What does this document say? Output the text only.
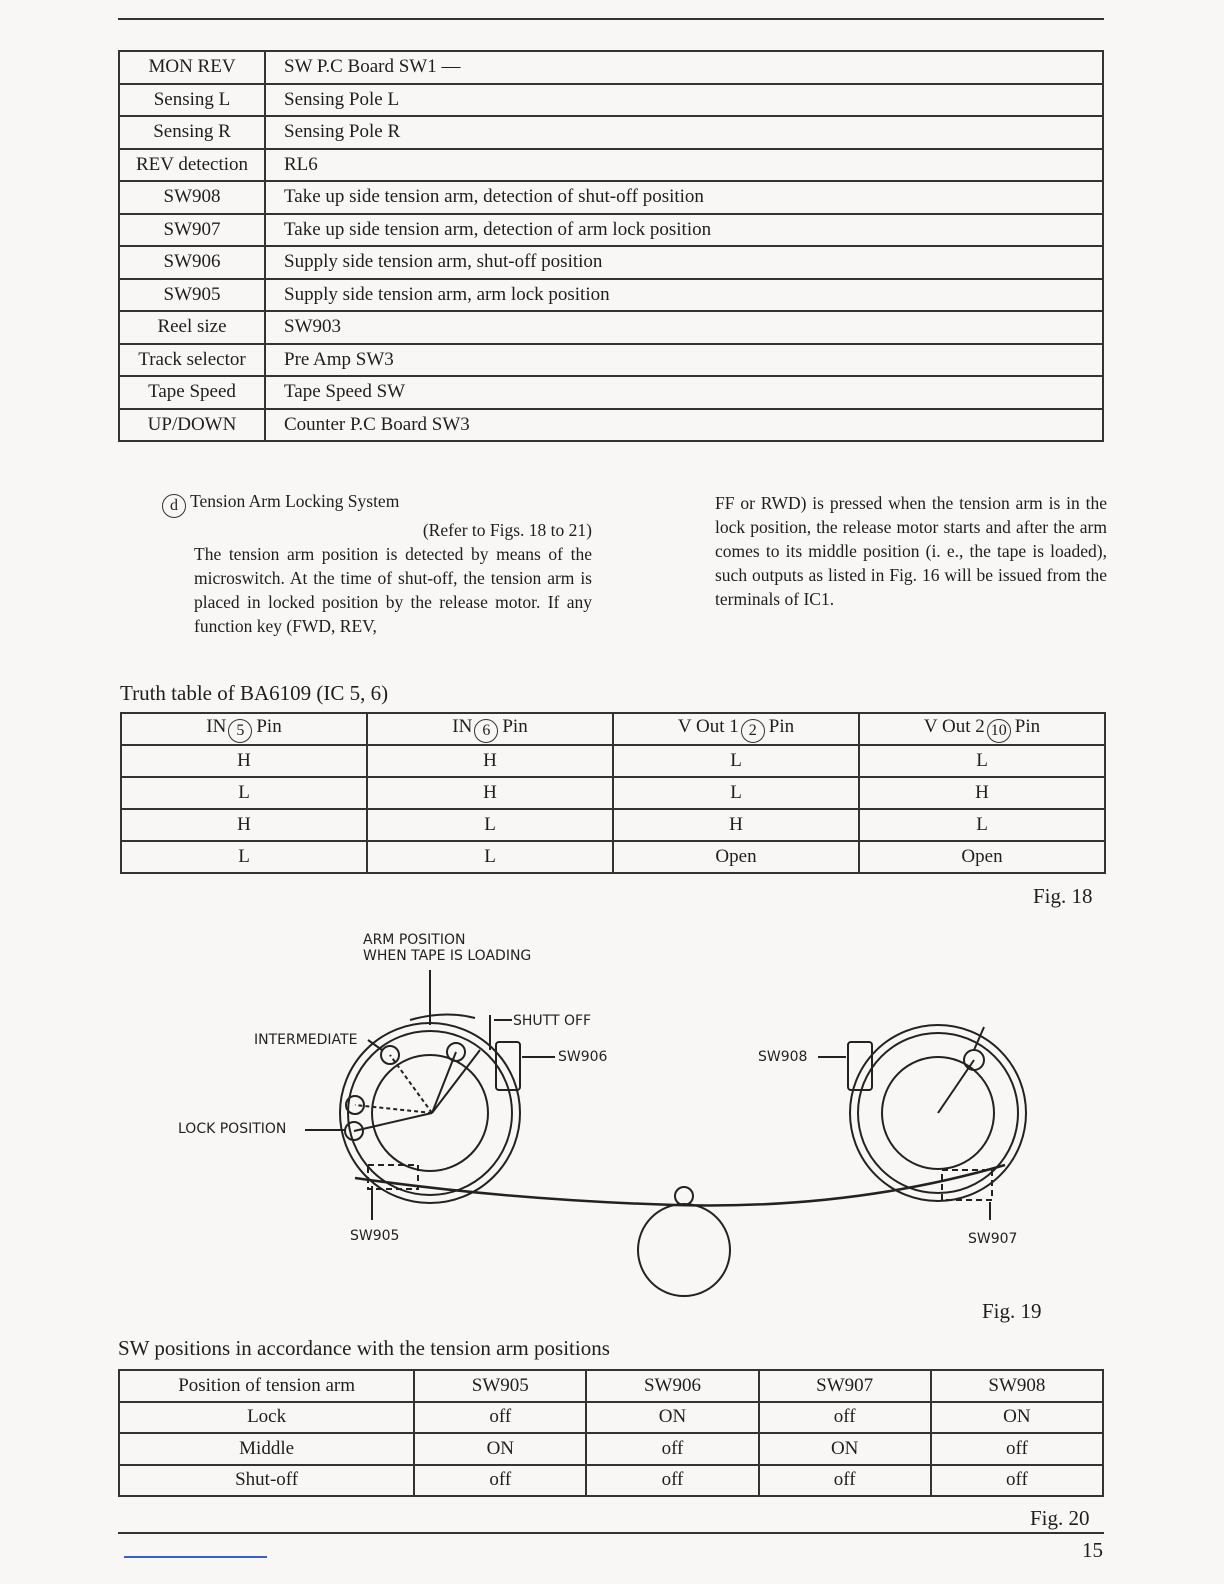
MON REV	SW P.C Board SW1 —
Sensing L	Sensing Pole L
Sensing R	Sensing Pole R
REV detection	RL6
SW908	Take up side tension arm, detection of shut-off position
SW907	Take up side tension arm, detection of arm lock position
SW906	Supply side tension arm, shut-off position
SW905	Supply side tension arm, arm lock position
Reel size	SW903
Track selector	Pre Amp SW3
Tape Speed	Tape Speed SW
UP/DOWN	Counter P.C Board SW3
d Tension Arm Locking System
(Refer to Figs. 18 to 21)
The tension arm position is detected by means of the microswitch. At the time of shut-off, the tension arm is placed in locked position by the release motor. If any function key (FWD, REV,
FF or RWD) is pressed when the tension arm is in the lock position, the release motor starts and after the arm comes to its middle position (i. e., the tape is loaded), such outputs as listed in Fig. 16 will be issued from the terminals of IC1.
Truth table of BA6109 (IC 5, 6)
IN 5 Pin	IN 6 Pin	V Out 1 2 Pin	V Out 2 10 Pin
H	H	L	L
L	H	L	H
H	L	H	L
L	L	Open	Open
Fig. 18
ARM POSITION
WHEN TAPE IS LOADING
INTERMEDIATE
LOCK POSITION
SHUTT OFF
SW906
SW905
SW908
SW907
Fig. 19
SW positions in accordance with the tension arm positions
Position of tension arm	SW905	SW906	SW907	SW908
Lock	off	ON	off	ON
Middle	ON	off	ON	off
Shut-off	off	off	off	off
Fig. 20
15
